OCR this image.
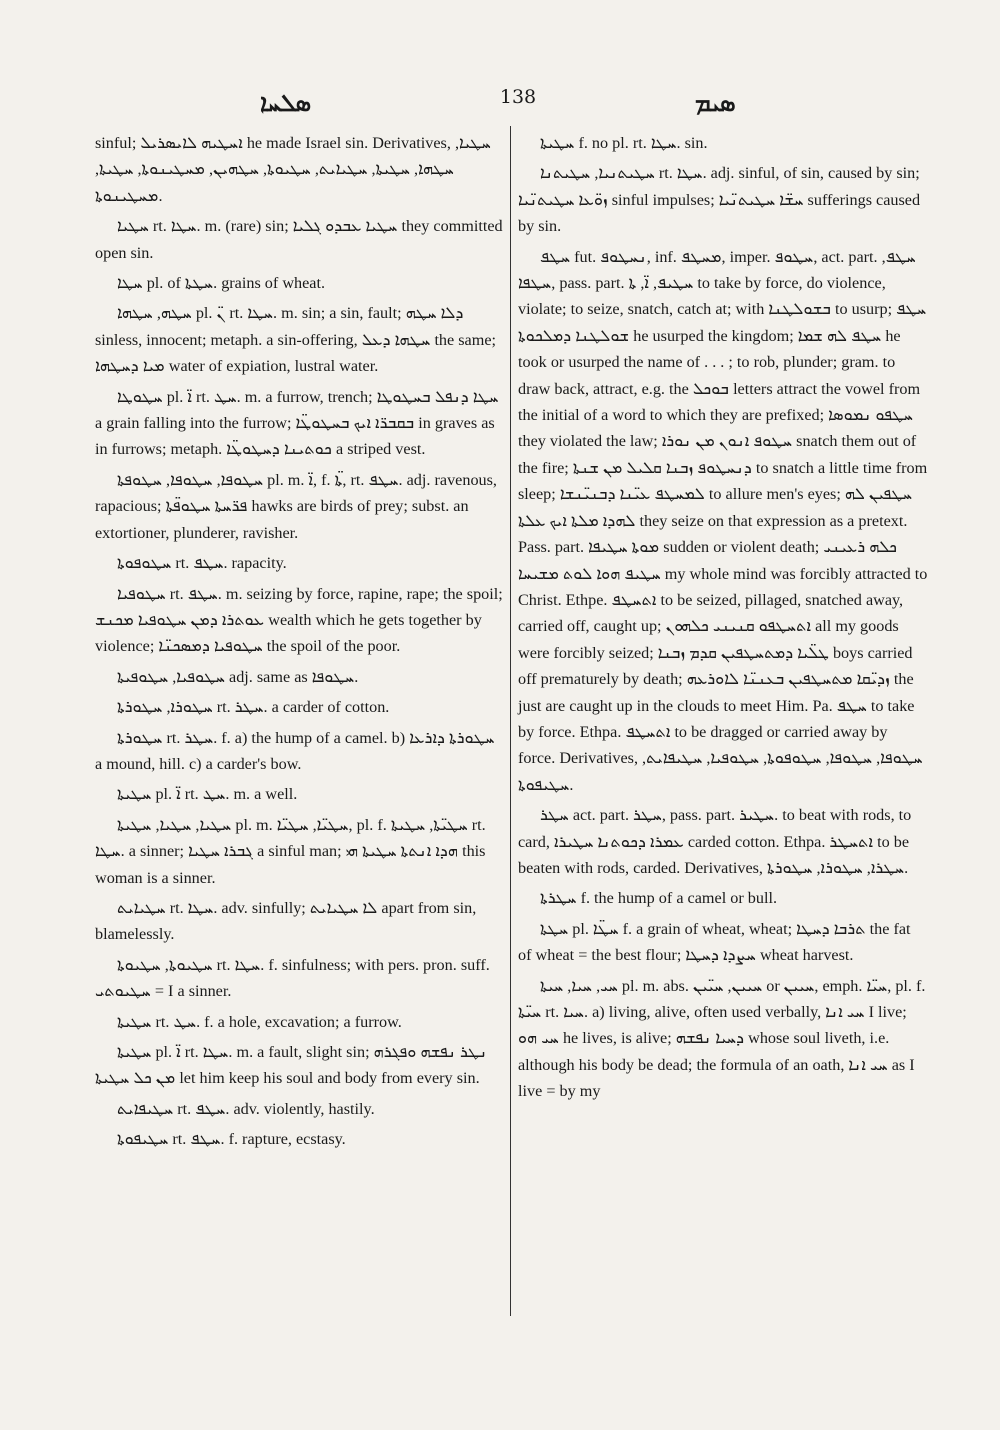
ܣܠܚܐ	138	ܣܝܡ

sinful; ܐܚܛܝܗ ܠܐܝܣܪܝܠ he made Israel sin. Derivatives, ܚܛܝܐ, ܚܛܗܐ, ܚܛܝܬܐ, ܚܛܝܐܝܬ, ܚܛܝܘܬܐ, ܚܛܗܝܢ, ܡܚܛܝܢܘܬܐ, ܚܛܝܬܐ, ܡܚܛܝܢܘܬܐ.

ܚܛܝܐ rt. ܚܛܐ. m. (rare) sin; ܚܛܝܐ ܥܒܕܘ ܓܠܝܐ they committed open sin.

ܚܛܐ pl. of ܚܛܬܐ. grains of wheat.

ܚܛܗ, ܚܛܗܐ pl. ܢ̈ rt. ܚܛܐ. m. sin; a sin, fault; ܕܠܐ ܚܛܗ sinless, innocent; metaph. a sin-offering, ܚܛܗܐ ܕܥܠ the same; ܡܝܐ ܕܚܛܗܐ water of expiation, lustral water.

ܚܛܘܛܐ pl. ܐ̈ rt. ܚܛ. m. a furrow, trench; ܚܛܐ ܕܢܦܠ ܒܚܛܘܛܐ a grain falling into the furrow; ܒܩܒܪ̈ܐ ܐܝܟ ܒܚܛܘܛ̈ܐ in graves as in furrows; metaph. ܟܘܬܝܢܐ ܕܚܛܘܛ̈ܐ a striped vest.

ܚܛܘܦܐ, ܚܛܘܦܐ, ܚܛܘܦܬܐ pl. m. ܐ̈, f. ܬ̈ܐ, rt. ܚܛܦ. adj. ravenous, rapacious; ܦܪ̈ܚܬܐ ܚܛܘܦ̈ܬܐ hawks are birds of prey; subst. an extortioner, plunderer, ravisher.

ܚܛܘܦܘܬܐ rt. ܚܛܦ. rapacity.

ܚܛܘܦܝܐ rt. ܚܛܦ. m. seizing by force, rapine, rape; the spoil; ܥܘܬܪܐ ܕܡܢ ܚܛܘܦܝܐ ܡܟܢܫ wealth which he gets together by violence; ܚܛܘܦܝܐ ܕܡܣܟܢ̈ܐ the spoil of the poor.

ܚܛܘܦܝܐ, ܚܛܘܦܝܬܐ adj. same as ܚܛܘܦܐ.

ܚܛܘܪܐ, ܚܛܘܪܬܐ rt. ܚܛܪ. a carder of cotton.

ܚܛܘܪܬܐ rt. ܚܛܪ. f. a) the hump of a camel. b) ܚܛܘܪܬܐ ܕܐܪܥܐ a mound, hill. c) a carder's bow.

ܚܛܝܬܐ pl. ܐ̈ rt. ܚܛ. m. a well.

ܚܛܝܐ, ܚܛܝܐ, ܚܛܝܬܐ pl. m. ܚܛܝ̈ܐ, ܚܛܝ̈ܐ, pl. f. ܚܛܝ̈ܬܐ, ܚܛܝܬܐ rt. ܚܛܐ. a sinner; ܓܒܪܐ ܚܛܝܐ a sinful man; ܗܕܐ ܐܢܬܬܐ ܚܛܝܬܐ ܗܝ this woman is a sinner.

ܚܛܝܐܝܬ rt. ܚܛܐ. adv. sinfully; ܠܐ ܚܛܝܐܝܬ apart from sin, blamelessly.

ܚܛܝܘܬܐ, ܚܛܝܘܬܐ rt. ܚܛܐ. f. sinfulness; with pers. pron. suff. ܚܛܝܘܬܝ = I a sinner.

ܚܛܝܬܐ rt. ܚܛ. f. a hole, excavation; a furrow.

ܚܛܝܬܐ pl. ܐ̈ rt. ܚܛܐ. m. a fault, slight sin; ܢܛܪ ܢܦܫܗ ܘܦܓܪܗ ܡܢ ܟܠ ܚܛܝܬܐ let him keep his soul and body from every sin.

ܚܛܝܦܐܝܬ rt. ܚܛܦ. adv. violently, hastily.

ܚܛܝܦܘܬܐ rt. ܚܛܦ. f. rapture, ecstasy.

ܚܛܝܬܐ f. no pl. rt. ܚܛܐ. sin.

ܚܛܝܬܢܝܐ, ܚܛܝܬܢܐ rt. ܚܛܐ. adj. sinful, of sin, caused by sin; ܙܘ̈ܥܐ ܚܛܝܬܢ̈ܝܐ sinful impulses; ܚܫ̈ܐ ܚܛܝܬܢ̈ܝܐ sufferings caused by sin.

ܚܛܦ fut. ܢܚܛܘܦ, inf. ܡܚܛܦ, imper. ܚܛܘܦ, act. part. ܚܛܦ, ܚܛܦܐ, pass. part. ܚܛܝܦ, ܐ̈, ܬܐ to take by force, do violence, violate; to seize, snatch, catch at; with ܒܫܘܠܛܢܐ to usurp; ܚܛܦ ܫܘܠܛܢܐ ܕܡܠܟܘܬܐ he usurped the kingdom; ܚܛܦ ܠܗ ܫܡܐ he took or usurped the name of . . . ; to rob, plunder; gram. to draw back, attract, e.g. the ܒܘܟܠ letters attract the vowel from the initial of a word to which they are prefixed; ܚܛܦܘ ܢܡܘܣܐ they violated the law; ܚܛܘܦ ܐܢܘܢ ܡܢ ܢܘܪܐ snatch them out of the fire; ܕܢܚܛܘܦ ܙܒܢܐ ܩܠܝܠ ܡܢ ܫܢܬܐ to snatch a little time from sleep; ܠܡܚܛܦ ܥܝ̈ܢܐ ܕܒܢܝ̈ܢܫܐ to allure men's eyes; ܚܛܦܝܢ ܠܗ ܠܗܕܐ ܡܠܬܐ ܐܝܟ ܥܠܬܐ they seize on that expression as a pretext. Pass. part. ܡܘܬܐ ܚܛܝܦܐ sudden or violent death; ܟܠܗ ܪܥܝܢܝ ܚܛܝܦ ܗܘܐ ܠܘܬ ܡܫܝܚܐ my whole mind was forcibly attracted to Christ. Ethpe. ܐܬܚܛܦ to be seized, pillaged, snatched away, carried off, caught up; ܐܬܚܛܦܘ ܩܢܝܢܝ ܟܠܗܘܢ all my goods were forcibly seized; ܛܠ̈ܝܐ ܕܡܬܚܛܦܝܢ ܩܕܡ ܙܒܢܐ boys carried off prematurely by death; ܙܕܝ̈ܩܐ ܡܬܚܛܦܝܢ ܒܥܢܢ̈ܐ ܠܐܘܪܥܗ the just are caught up in the clouds to meet Him. Pa. ܚܛܦ to take by force. Ethpa. ܐܬܚܛܦ to be dragged or carried away by force. Derivatives, ܚܛܘܦܐ, ܚܛܘܦܐ, ܚܛܘܦܘܬܐ, ܚܛܘܦܝܐ, ܚܛܝܦܐܝܬ, ܚܛܝܦܘܬܐ.

ܚܛܪ act. part. ܚܛܪ, pass. part. ܚܛܝܪ. to beat with rods, to card, ܥܡܪܐ ܕܟܘܬܢܐ ܚܛܝܪܐ carded cotton. Ethpa. ܐܬܚܛܪ to be beaten with rods, carded. Derivatives, ܚܛܪܐ, ܚܛܘܪܐ, ܚܛܘܪܬܐ.

ܚܛܪܬܐ f. the hump of a camel or bull.

ܚܛܬܐ pl. ܚܛ̈ܐ f. a grain of wheat, wheat; ܬܪܒܐ ܕܚܛܐ the fat of wheat = the best flour; ܚܨܕܐ ܕܚܛܐ wheat harvest.

ܚܝ, ܚܝܐ, ܚܝܬܐ pl. m. abs. ܚܝܝܢ, ܚܝ̈ܝܢ or ܚܝܝܢ, emph. ܚܝ̈ܐ, pl. f. ܚܝ̈ܬܐ rt. ܚܝܐ. a) living, alive, often used verbally, ܚܝ ܐܢܐ I live; ܚܝ ܗܘ he lives, is alive; ܕܚܝܐ ܢܦܫܗ whose soul liveth, i.e. although his body be dead; the formula of an oath, ܚܝ ܐܢܐ as I live = by my
